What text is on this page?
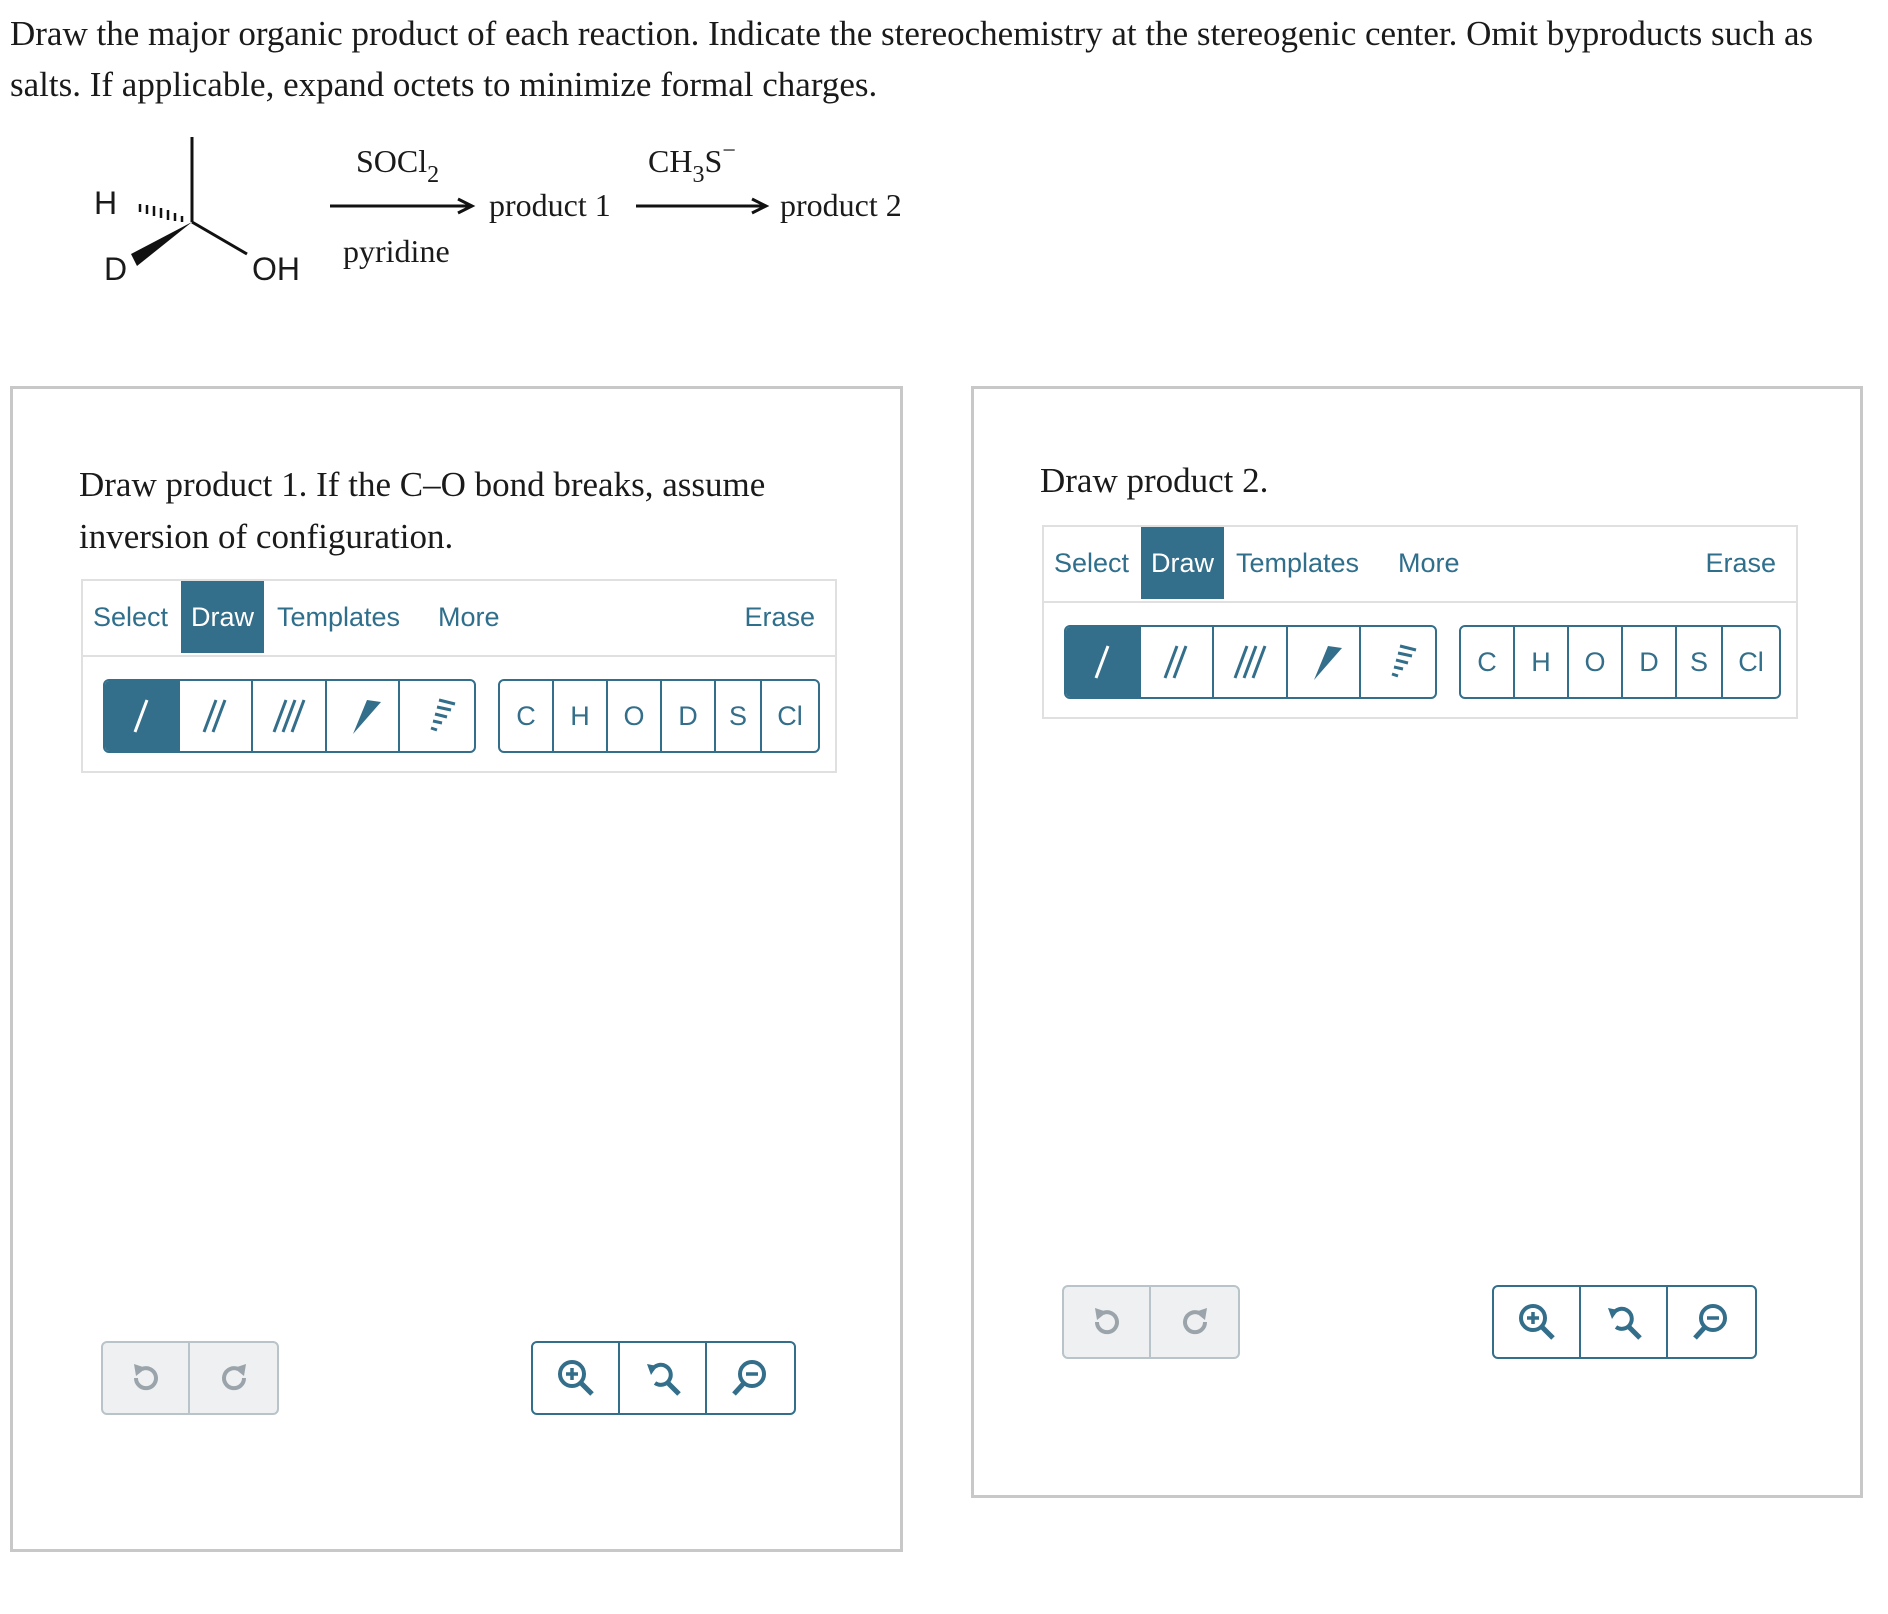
Draw the major organic product of each reaction. Indicate the stereochemistry at the stereogenic center. Omit byproducts such as salts. If applicable, expand octets to minimize formal charges.
H
D	OH
SOCl$_2$
pyridine
product 1
$CH_3S^-$
product 2
Draw product 1. If the C–O bond breaks, assume inversion of configuration.
Select Draw Templates	More	Erase
C	H	O	D	S	Cl
Draw product 2.
Select Draw Templates	More	Erase
C	H	O	D	S	Cl
